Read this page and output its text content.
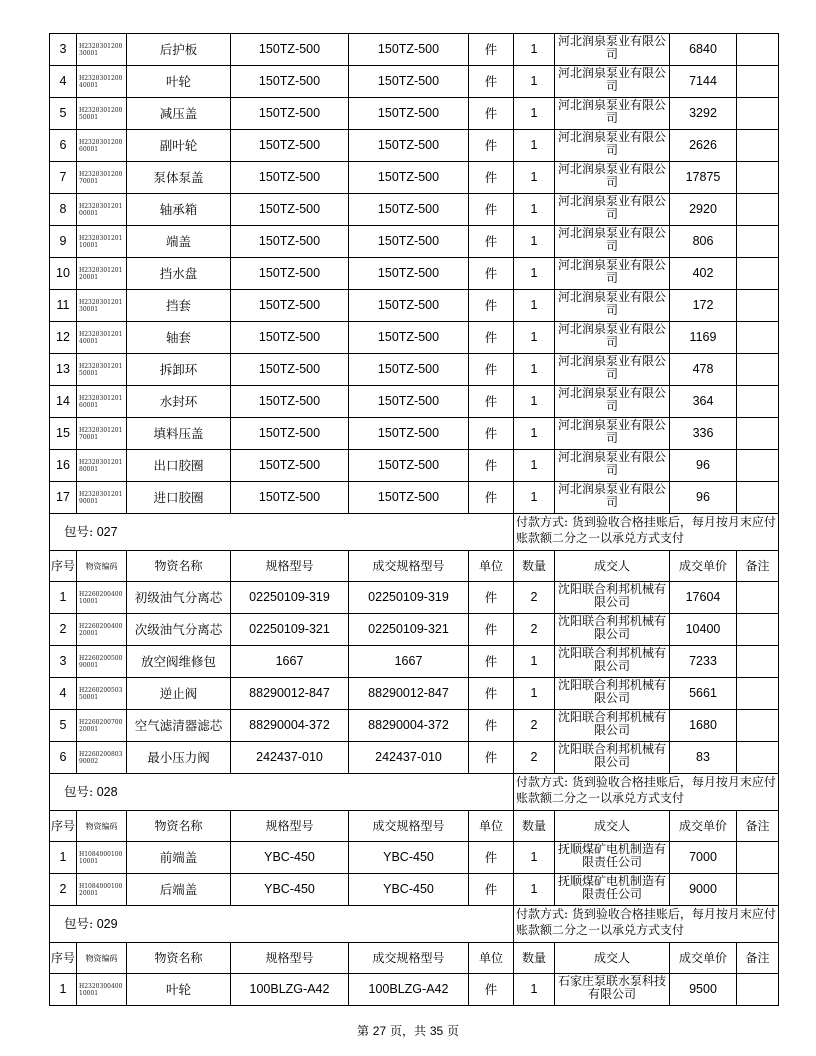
3	H232030120030001	后护板	150TZ-500	150TZ-500	件	1	河北润泉泵业有限公司	6840	
4	H232030120040001	叶轮	150TZ-500	150TZ-500	件	1	河北润泉泵业有限公司	7144	
5	H232030120050001	减压盖	150TZ-500	150TZ-500	件	1	河北润泉泵业有限公司	3292	
6	H232030120060001	副叶轮	150TZ-500	150TZ-500	件	1	河北润泉泵业有限公司	2626	
7	H232030120070001	泵体泵盖	150TZ-500	150TZ-500	件	1	河北润泉泵业有限公司	17875	
8	H232030120100001	轴承箱	150TZ-500	150TZ-500	件	1	河北润泉泵业有限公司	2920	
9	H232030120110001	端盖	150TZ-500	150TZ-500	件	1	河北润泉泵业有限公司	806	
10	H232030120120001	挡水盘	150TZ-500	150TZ-500	件	1	河北润泉泵业有限公司	402	
11	H232030120130001	挡套	150TZ-500	150TZ-500	件	1	河北润泉泵业有限公司	172	
12	H232030120140001	轴套	150TZ-500	150TZ-500	件	1	河北润泉泵业有限公司	1169	
13	H232030120150001	拆卸环	150TZ-500	150TZ-500	件	1	河北润泉泵业有限公司	478	
14	H232030120160001	水封环	150TZ-500	150TZ-500	件	1	河北润泉泵业有限公司	364	
15	H232030120170001	填料压盖	150TZ-500	150TZ-500	件	1	河北润泉泵业有限公司	336	
16	H232030120180001	出口胶圈	150TZ-500	150TZ-500	件	1	河北润泉泵业有限公司	96	
17	H232030120190001	进口胶圈	150TZ-500	150TZ-500	件	1	河北润泉泵业有限公司	96	
包号: 027						付款方式: 货到验收合格挂账后，每月按月末应付账款额二分之一以承兑方式支付			
序号	物资编码	物资名称	规格型号	成交规格型号	单位	数量	成交人	成交单价	备注
1	H226020040010001	初级油气分离芯	02250109-319	02250109-319	件	2	沈阳联合利邦机械有限公司	17604	
2	H226020040020001	次级油气分离芯	02250109-321	02250109-321	件	2	沈阳联合利邦机械有限公司	10400	
3	H226020050090001	放空阀维修包	1667	1667	件	1	沈阳联合利邦机械有限公司	7233	
4	H226020050350001	逆止阀	88290012-847	88290012-847	件	1	沈阳联合利邦机械有限公司	5661	
5	H226020070020001	空气滤清器滤芯	88290004-372	88290004-372	件	2	沈阳联合利邦机械有限公司	1680	
6	H226020080390002	最小压力阀	242437-010	242437-010	件	2	沈阳联合利邦机械有限公司	83	
包号: 028						付款方式: 货到验收合格挂账后，每月按月末应付账款额二分之一以承兑方式支付			
序号	物资编码	物资名称	规格型号	成交规格型号	单位	数量	成交人	成交单价	备注
1	H108400010010001	前端盖	YBC-450	YBC-450	件	1	抚顺煤矿电机制造有限责任公司	7000	
2	H108400010020001	后端盖	YBC-450	YBC-450	件	1	抚顺煤矿电机制造有限责任公司	9000	
包号: 029						付款方式: 货到验收合格挂账后，每月按月末应付账款额二分之一以承兑方式支付			
序号	物资编码	物资名称	规格型号	成交规格型号	单位	数量	成交人	成交单价	备注
1	H232030040010001	叶轮	100BLZG-A42	100BLZG-A42	件	1	石家庄泵联水泵科技有限公司	9500	
第 27 页，共 35 页
